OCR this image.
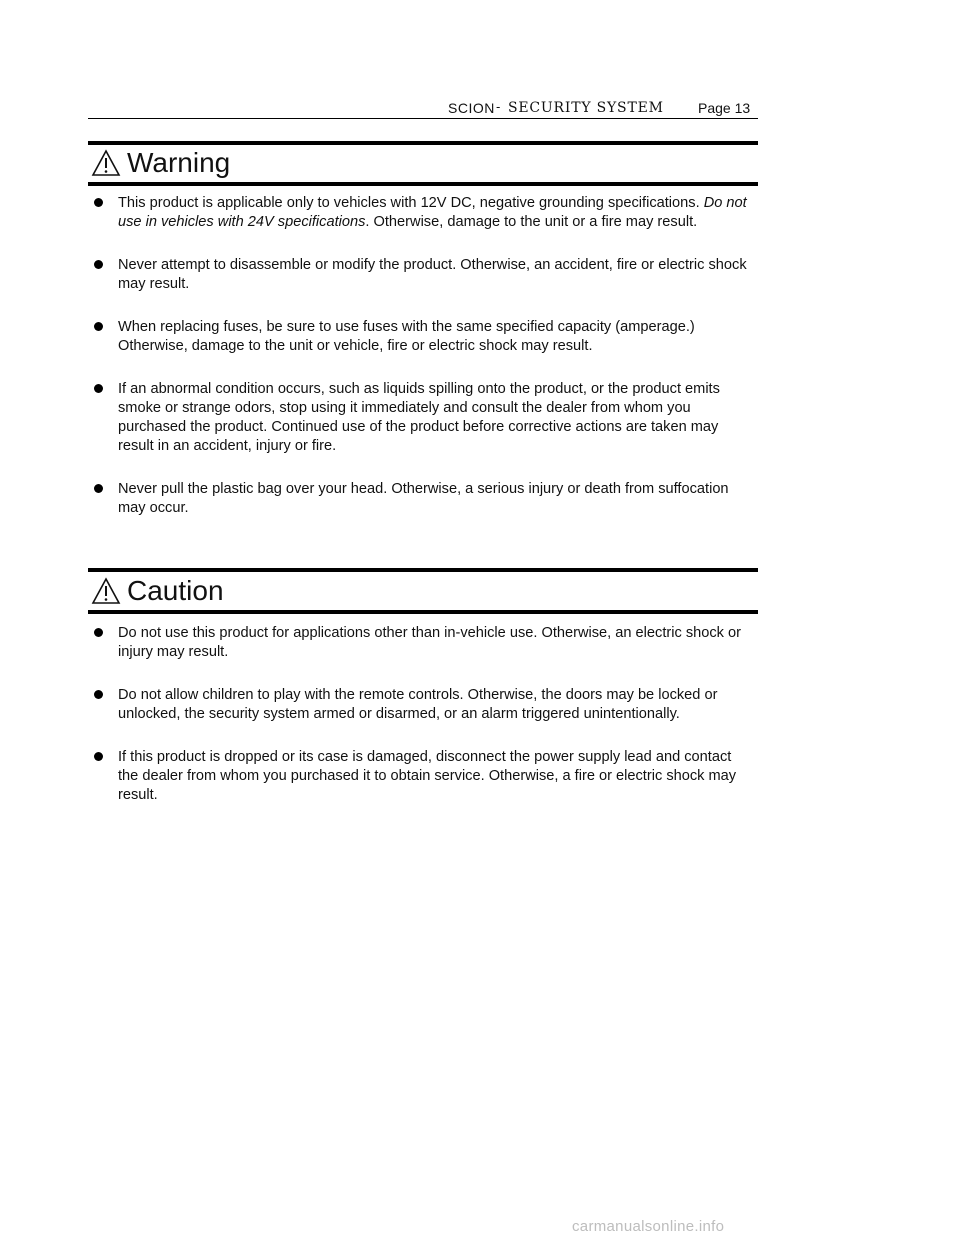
SCION - SECURITY SYSTEM Page 13
Warning
This product is applicable only to vehicles with 12V DC, negative grounding specifications. Do not use in vehicles with 24V specifications. Otherwise, damage to the unit or a fire may result.
Never attempt to disassemble or modify the product. Otherwise, an accident, fire or electric shock may result.
When replacing fuses, be sure to use fuses with the same specified capacity (amperage.) Otherwise, damage to the unit or vehicle, fire or electric shock may result.
If an abnormal condition occurs, such as liquids spilling onto the product, or the product emits smoke or strange odors, stop using it immediately and consult the dealer from whom you purchased the product. Continued use of the product before corrective actions are taken may result in an accident, injury or fire.
Never pull the plastic bag over your head. Otherwise, a serious injury or death from suffocation may occur.
Caution
Do not use this product for applications other than in-vehicle use. Otherwise, an electric shock or injury may result.
Do not allow children to play with the remote controls. Otherwise, the doors may be locked or unlocked, the security system armed or disarmed, or an alarm triggered unintentionally.
If this product is dropped or its case is damaged, disconnect the power supply lead and contact the dealer from whom you purchased it to obtain service. Otherwise, a fire or electric shock may result.
carmanualsonline.info
